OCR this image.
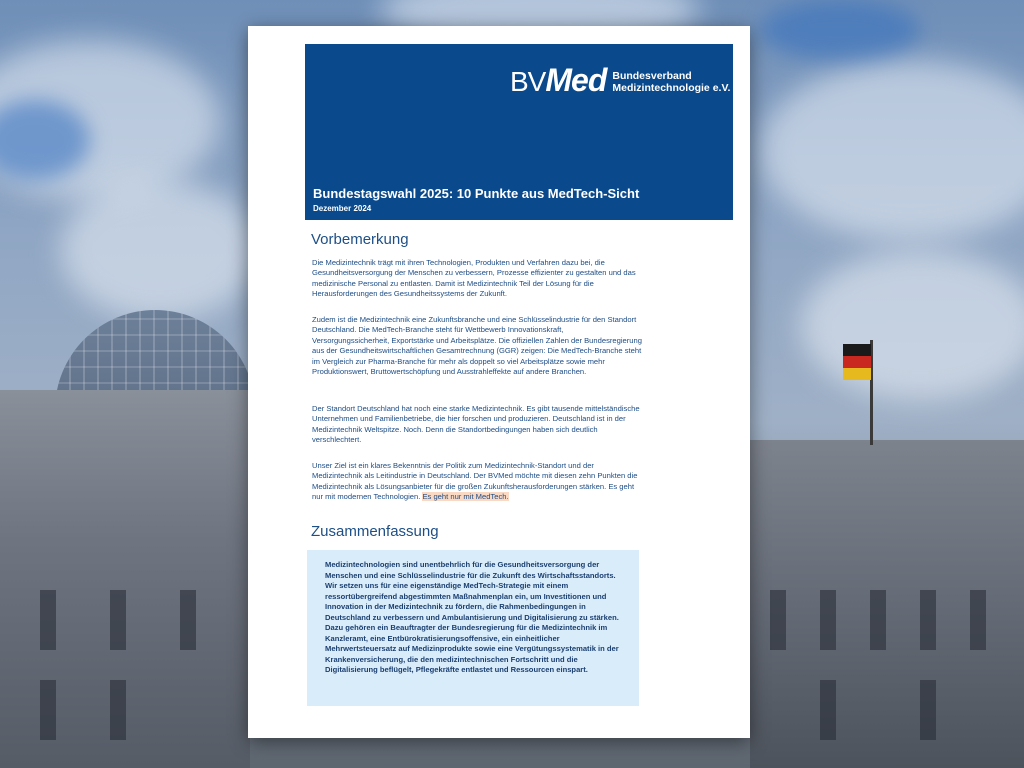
BV Med Bundesverband
Medizintechnologie e.V.
Bundestagswahl 2025: 10 Punkte aus MedTech-Sicht
Dezember 2024
Vorbemerkung

Die Medizintechnik trägt mit ihren Technologien, Produkten und Verfahren dazu bei, die Gesundheitsversorgung der Menschen zu verbessern, Prozesse effizienter zu gestalten und das medizinische Personal zu entlasten. Damit ist Medizintechnik Teil der Lösung für die Herausforderungen des Gesundheitssystems der Zukunft.

Zudem ist die Medizintechnik eine Zukunftsbranche und eine Schlüsselindustrie für den Standort Deutschland. Die MedTech-Branche steht für Wettbewerb Innovationskraft, Versorgungssicherheit, Exportstärke und Arbeitsplätze. Die offiziellen Zahlen der Bundesregierung aus der Gesundheitswirtschaftlichen Gesamtrechnung (GGR) zeigen: Die MedTech-Branche steht im Vergleich zur Pharma-Branche für mehr als doppelt so viel Arbeitsplätze sowie mehr Produktionswert, Bruttowertschöpfung und Ausstrahleffekte auf andere Branchen.

Der Standort Deutschland hat noch eine starke Medizintechnik. Es gibt tausende mittelständische Unternehmen und Familienbetriebe, die hier forschen und produzieren. Deutschland ist in der Medizintechnik Weltspitze. Noch. Denn die Standortbedingungen haben sich deutlich verschlechtert.

Unser Ziel ist ein klares Bekenntnis der Politik zum Medizintechnik-Standort und der Medizintechnik als Leitindustrie in Deutschland. Der BVMed möchte mit diesen zehn Punkten die Medizintechnik als Lösungsanbieter für die großen Zukunftsherausforderungen stärken. Es geht nur mit modernen Technologien. Es geht nur mit MedTech.

Zusammenfassung

Medizintechnologien sind unentbehrlich für die Gesundheitsversorgung der Menschen und eine Schlüsselindustrie für die Zukunft des Wirtschaftsstandorts. Wir setzen uns für eine eigenständige MedTech-Strategie mit einem ressortübergreifend abgestimmten Maßnahmenplan ein, um Investitionen und Innovation in der Medizintechnik zu fördern, die Rahmenbedingungen in Deutschland zu verbessern und Ambulantisierung und Digitalisierung zu stärken. Dazu gehören ein Beauftragter der Bundesregierung für die Medizintechnik im Kanzleramt, eine Entbürokratisierungsoffensive, ein einheitlicher Mehrwertsteuersatz auf Medizinprodukte sowie eine Vergütungssystematik in der Krankenversicherung, die den medizintechnischen Fortschritt und die Digitalisierung beflügelt, Pflegekräfte entlastet und Ressourcen einspart.
